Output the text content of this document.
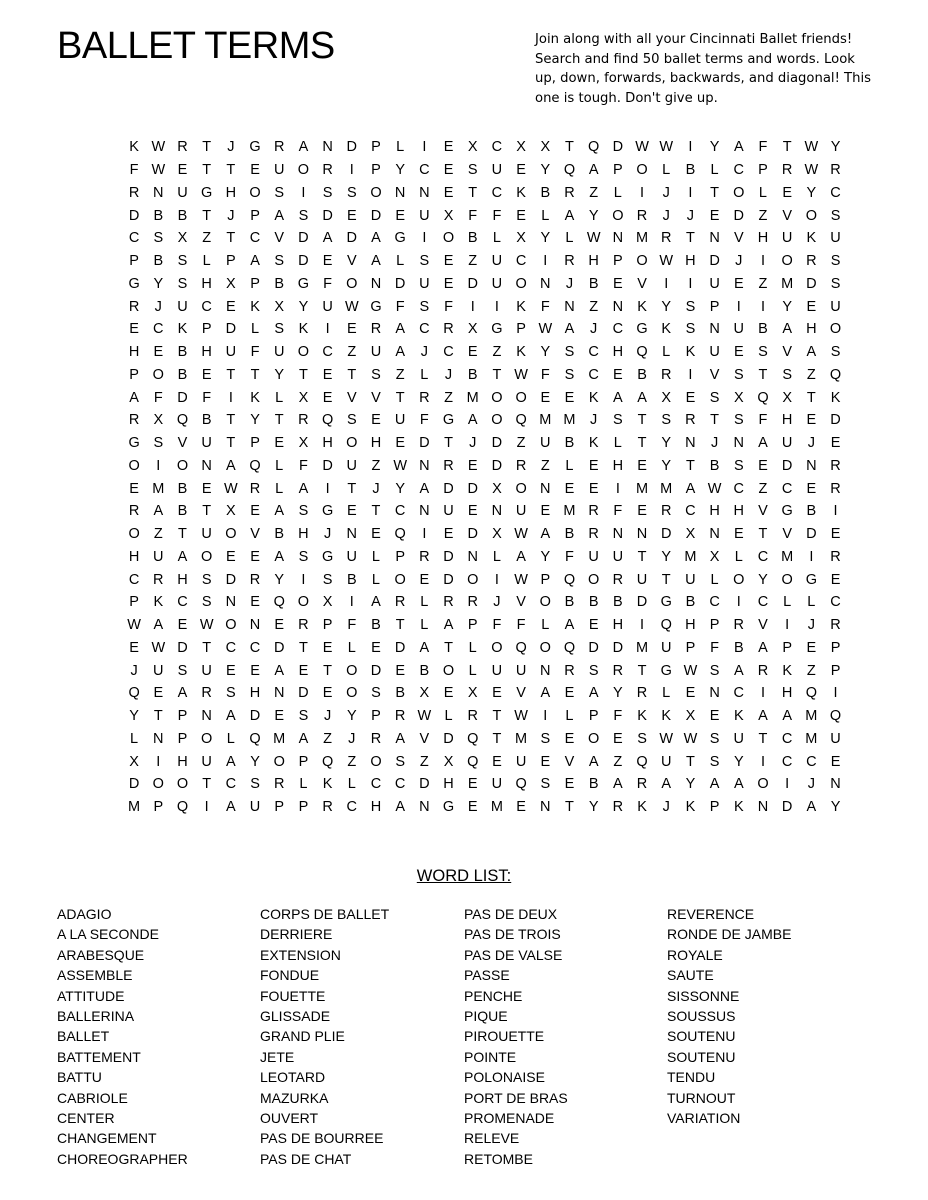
BALLET TERMS	Join along with all your Cincinnati Ballet friends!
Search and find 50 ballet terms and words. Look
up, down, forwards, backwards, and diagonal! This
one is tough. Don't give up.
K W R	T	J	G R A N D P	L	I	E	X C X	X	T Q D W W	I	Y	A	F	T W Y
F W E	T	T	E U O R	I	P	Y C E	S U E	Y Q A	P O	L	B	L	C P R W R
R N U G H O S	I	S	S O N N E	T	C K	B R	Z	L	I	J	I	T O	L	E	Y C
D B	B	T	J	P	A	S D E D E U X	F	F	E	L	A	Y O R	J	J	E D	Z	V O S
C S	X	Z	T	C V D A D A G	I	O B	L	X	Y	L W N M R	T	N V H U K U
P	B	S	L	P	A	S D E	V	A	L	S	E	Z	U C	I	R H P O W H D	J	I	O R S
G Y	S H X	P	B G F O N D U E D U O N	J	B	E	V	I	I	U E	Z M D S
R	J	U C E	K	X	Y U W G F	S	F	I	I	K	F	N	Z	N K	Y	S	P	I	I	Y	E U
E C K	P D	L	S	K	I	E R A C R X G P W A	J	C G K	S N U B	A H O
H E	B H U	F	U O C	Z	U A	J	C E	Z	K	Y	S C H Q	L	K U E	S	V	A	S
P O B	E	T	T	Y	T	E	T	S	Z	L	J	B	T W F	S C E	B R	I	V	S	T	S	Z Q
A	F	D	F	I	K	L	X	E	V	V	T	R	Z M O O E	E	K	A	A	X	E	S	X Q X	T	K
R X Q B	T	Y	T	R Q S	E U	F G A O Q M M	J	S	T	S R	T	S	F	H E D
G S	V U	T	P	E	X H O H E D	T	J	D	Z	U B	K	L	T	Y N	J	N A U	J	E
O	I	O N A Q	L	F	D U	Z W N R E D R	Z	L	E H E	Y	T	B	S	E D N R
E M B	E W R	L	A	I	T	J	Y	A D D X O N E	E	I	M M A W C	Z	C E R
R A	B	T	X	E	A	S G E	T	C N U E N U E M R	F	E R C H H V G B	I
O Z	T	U O V	B H	J	N E Q	I	E D X W A	B R N N D X N E	T	V D E
H U A O E	E	A	S G U	L	P R D N	L	A	Y	F	U U	T	Y M X	L	C M	I	R
C R H S D R Y	I	S	B	L	O E D O	I	W P Q O R U	T	U	L	O Y O G E
P	K C S N E Q O X	I	A R	L	R R	J	V O B	B	B D G B C	I	C	L	L	C
W A	E W O N E R P	F	B	T	L	A	P	F	F	L	A	E H	I	Q H P R V	I	J	R
E W D	T	C C D	T	E	L	E D A	T	L	O Q O Q D D M U P	F	B	A	P	E	P
J	U S U E	E	A	E	T O D E	B O	L	U U N R S R	T G W S	A R K	Z	P
Q E	A R S H N D E O S	B	X	E	X	E	V	A	E	A	Y R	L	E N C	I	H Q	I
Y	T	P N A D E	S	J	Y	P R W L	R	T W	I	L	P	F	K	K	X	E	K	A	A M Q
L	N P O	L	Q M A	Z	J	R A	V D Q T M S	E O E	S W W S U	T	C M U
X	I	H U A	Y O P Q Z O S	Z	X Q E U E	V	A	Z Q U	T	S	Y	I	C C E
D O O T	C S R	L	K	L	C C D H E U Q S	E	B	A R A	Y	A	A O	I	J	N
M P Q	I	A U P	P R C H A N G E M E N	T	Y R K	J	K	P	K N D A	Y
WORD LIST:
ADAGIO
A LA SECONDE
ARABESQUE
ASSEMBLE
ATTITUDE
BALLERINA
BALLET
BATTEMENT
BATTU
CABRIOLE
CENTER
CHANGEMENT
CHOREOGRAPHER
CORPS DE BALLET
DERRIERE
EXTENSION
FONDUE
FOUETTE
GLISSADE
GRAND PLIE
JETE
LEOTARD
MAZURKA
OUVERT
PAS DE BOURREE
PAS DE CHAT
PAS DE DEUX
PAS DE TROIS
PAS DE VALSE
PASSE
PENCHE
PIQUE
PIROUETTE
POINTE
POLONAISE
PORT DE BRAS
PROMENADE
RELEVE
RETOMBE
REVERENCE
RONDE DE JAMBE
ROYALE
SAUTE
SISSONNE
SOUSSUS
SOUTENU
SOUTENU
TENDU
TURNOUT
VARIATION
